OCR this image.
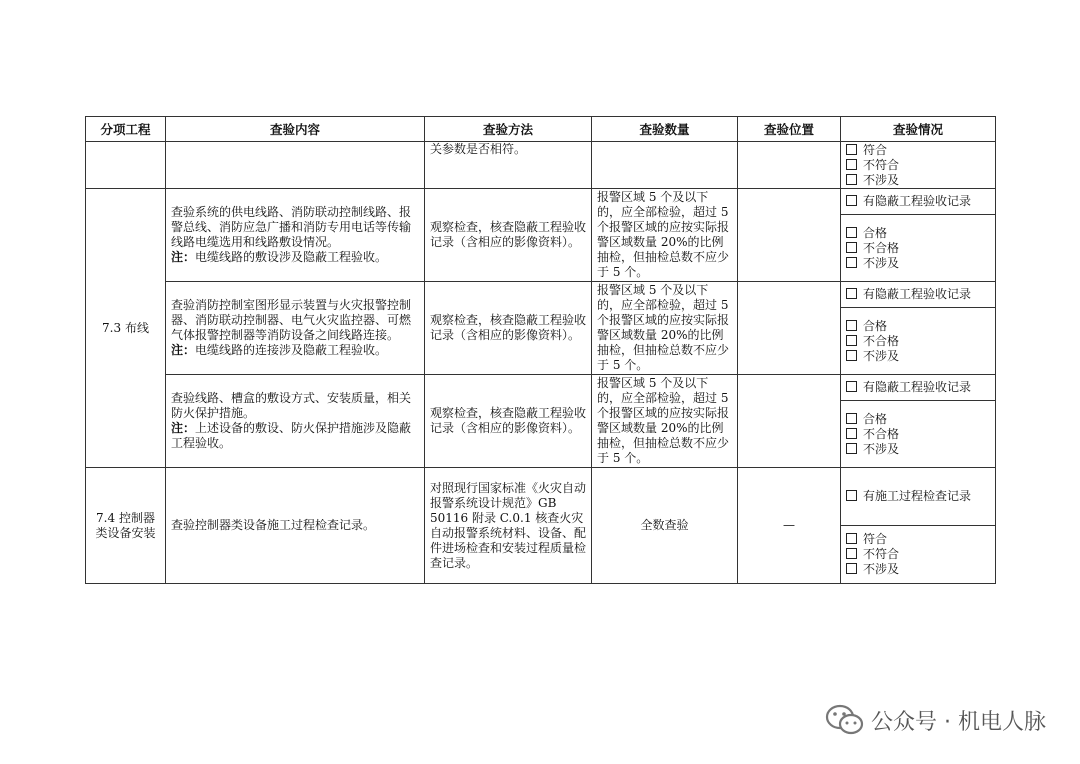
分项工程	查验内容	查验方法	查验数量	查验位置	查验情况
		关参数是否相符。			符合
不符合
不涉及

7.3 布线	查验系统的供电线路、消防联动控制线路、报警总线、消防应急广播和消防专用电话等传输线路电缆选用和线路敷设情况。
注：电缆线路的敷设涉及隐蔽工程验收。	观察检查，核查隐蔽工程验收记录（含相应的影像资料）。	报警区域 5 个及以下的，应全部检验，超过 5 个报警区域的应按实际报警区域数量 20%的比例抽检，但抽检总数不应少于 5 个。		有隐蔽工程验收记录

					合格
不合格
不涉及

	查验消防控制室图形显示装置与火灾报警控制器、消防联动控制器、电气火灾监控器、可燃气体报警控制器等消防设备之间线路连接。
注：电缆线路的连接涉及隐蔽工程验收。	观察检查，核查隐蔽工程验收记录（含相应的影像资料）。	报警区域 5 个及以下的，应全部检验，超过 5 个报警区域的应按实际报警区域数量 20%的比例抽检，但抽检总数不应少于 5 个。		有隐蔽工程验收记录

					合格
不合格
不涉及

	查验线路、槽盒的敷设方式、安装质量，相关防火保护措施。
注：上述设备的敷设、防火保护措施涉及隐蔽工程验收。	观察检查，核查隐蔽工程验收记录（含相应的影像资料）。	报警区域 5 个及以下的，应全部检验，超过 5 个报警区域的应按实际报警区域数量 20%的比例抽检，但抽检总数不应少于 5 个。		有隐蔽工程验收记录

					合格
不合格
不涉及

7.4 控制器类设备安装	查验控制器类设备施工过程检查记录。	对照现行国家标准《火灾自动报警系统设计规范》GB 50116 附录 C.0.1 核查火灾自动报警系统材料、设备、配件进场检查和安装过程质量检查记录。	全数查验	—	有施工过程检查记录

					符合
不符合
不涉及
公众号 · 机电人脉
